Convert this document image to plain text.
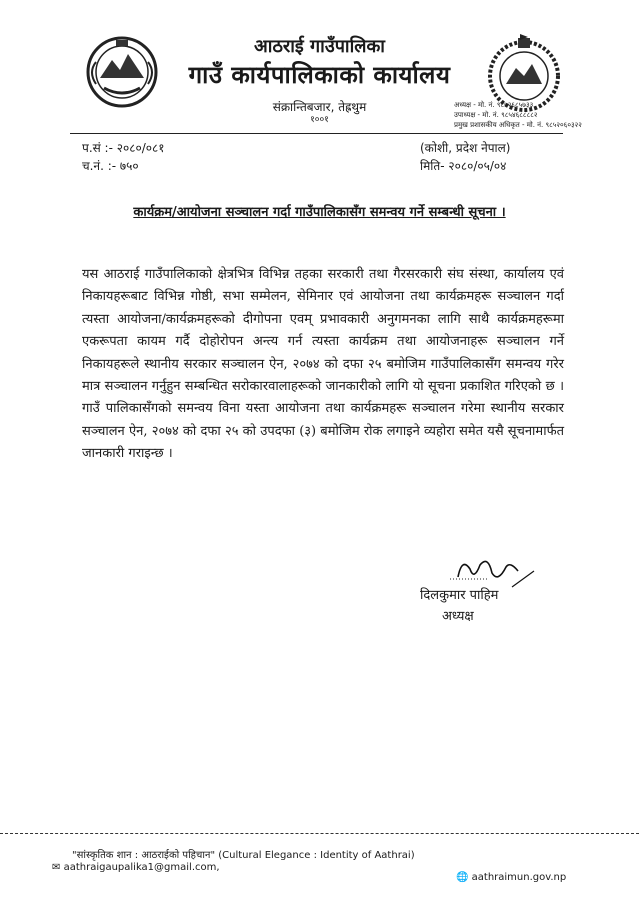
आठराई गाउँपालिका
गाउँ कार्यपालिकाको कार्यालय
संक्रान्तिबजार, तेह्रथुम
१००१
अध्यक्ष - मो. नं. ९८५२६८५७३३
उपाध्यक्ष - मो. नं. ९८५४६८८८८२
प्रमुख प्रशासकीय अधिकृत - मो. नं. ९८५२०६०३२२
प.सं :- २०८०/०८१
च.नं. :- ७५०
(कोशी, प्रदेश नेपाल)
मिति- २०८०/०५/०४
कार्यक्रम/आयोजना सञ्चालन गर्दा गाउँपालिकासँग समन्वय गर्ने सम्बन्धी सूचना ।
यस आठराई गाउँपालिकाको क्षेत्रभित्र विभिन्न तहका सरकारी तथा गैरसरकारी संघ संस्था, कार्यालय एवं निकायहरूबाट विभिन्न गोष्ठी, सभा सम्मेलन, सेमिनार एवं आयोजना तथा कार्यक्रमहरू सञ्चालन गर्दा त्यस्ता आयोजना/कार्यक्रमहरूको दीगोपना एवम् प्रभावकारी अनुगमनका लागि साथै कार्यक्रमहरूमा एकरूपता कायम गर्दै दोहोरोपन अन्त्य गर्न त्यस्ता कार्यक्रम तथा आयोजनाहरू सञ्चालन गर्ने निकायहरूले स्थानीय सरकार सञ्चालन ऐन, २०७४ को दफा २५ बमोजिम गाउँपालिकासँग समन्वय गरेर मात्र सञ्चालन गर्नुहुन सम्बन्धित सरोकारवालाहरूको जानकारीको लागि यो सूचना प्रकाशित गरिएको छ । गाउँ पालिकासँगको समन्वय विना यस्ता आयोजना तथा कार्यक्रमहरू सञ्चालन गरेमा स्थानीय सरकार सञ्चालन ऐन, २०७४ को दफा २५ को उपदफा (३) बमोजिम रोक लगाइने व्यहोरा समेत यसै सूचनामार्फत जानकारी गराइन्छ ।
दिलकुमार पाहिम
अध्यक्ष
"सांस्कृतिक शान : आठराईको पहिचान" (Cultural Elegance : Identity of Aathrai)
✉ aathraigaupalika1@gmail.com,
🌐 aathraimun.gov.np
